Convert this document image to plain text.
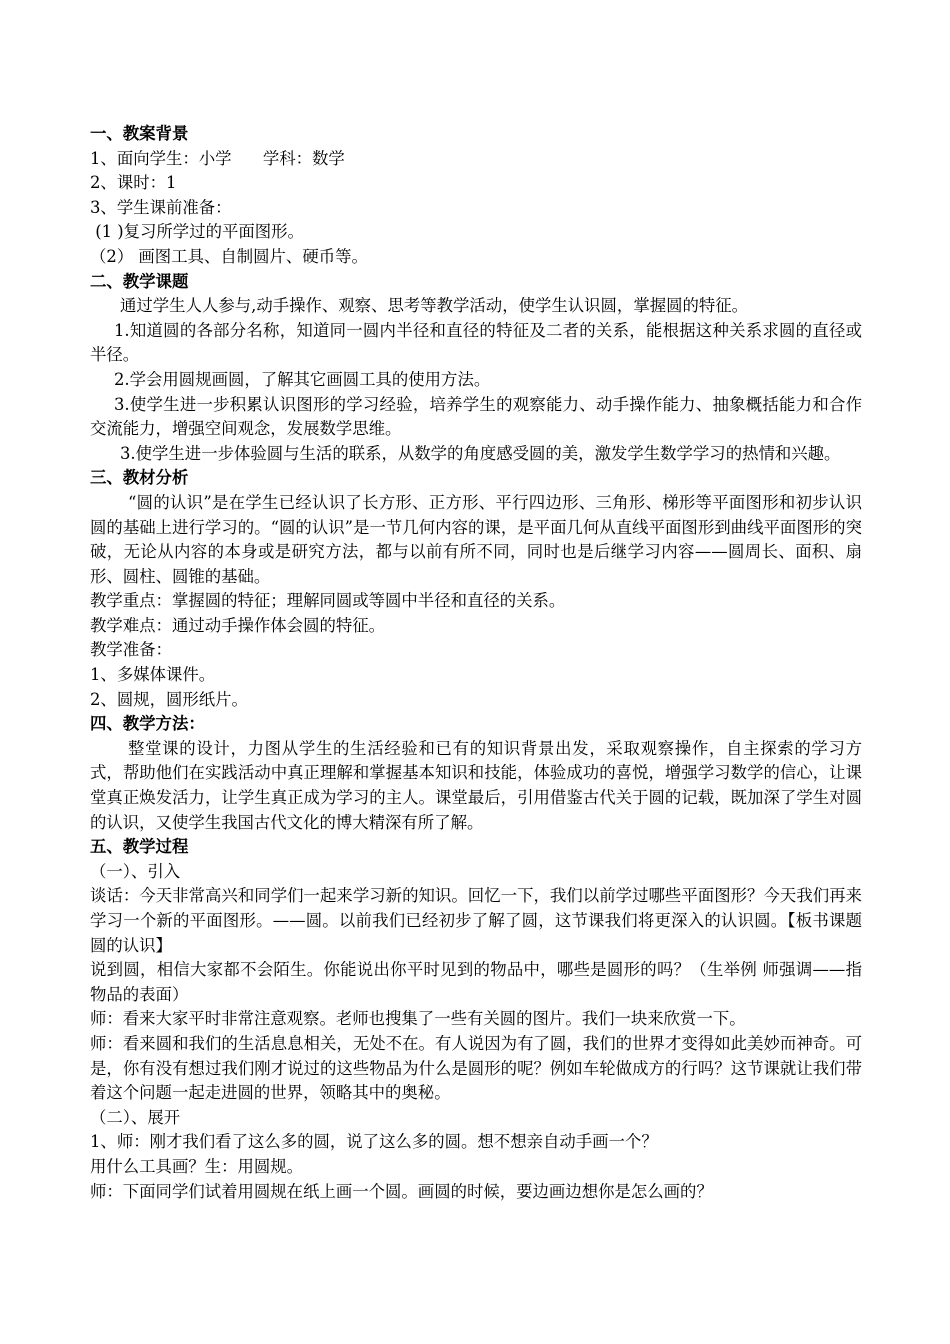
一、教案背景
1、面向学生：小学      学科：数学
2、课时：1
3、学生课前准备：
(1 )复习所学过的平面图形。
（2） 画图工具、自制圆片、硬币等。
二、教学课题
通过学生人人参与,动手操作、观察、思考等教学活动，使学生认识圆，掌握圆的特征。
1.知道圆的各部分名称，知道同一圆内半径和直径的特征及二者的关系，能根据这种关系求圆的直径或半径。
2.学会用圆规画圆，了解其它画圆工具的使用方法。
3.使学生进一步积累认识图形的学习经验，培养学生的观察能力、动手操作能力、抽象概括能力和合作交流能力，增强空间观念，发展数学思维。
3.使学生进一步体验圆与生活的联系，从数学的角度感受圆的美，激发学生数学学习的热情和兴趣。
三、教材分析
“圆的认识”是在学生已经认识了长方形、正方形、平行四边形、三角形、梯形等平面图形和初步认识圆的基础上进行学习的。“圆的认识”是一节几何内容的课，是平面几何从直线平面图形到曲线平面图形的突破，无论从内容的本身或是研究方法，都与以前有所不同，同时也是后继学习内容——圆周长、面积、扇形、圆柱、圆锥的基础。
教学重点：掌握圆的特征；理解同圆或等圆中半径和直径的关系。
教学难点：通过动手操作体会圆的特征。
教学准备：
1、多媒体课件。
2、圆规，圆形纸片。
四、教学方法：
整堂课的设计，力图从学生的生活经验和已有的知识背景出发，采取观察操作，自主探索的学习方式，帮助他们在实践活动中真正理解和掌握基本知识和技能，体验成功的喜悦，增强学习数学的信心，让课堂真正焕发活力，让学生真正成为学习的主人。课堂最后，引用借鉴古代关于圆的记载，既加深了学生对圆的认识，又使学生我国古代文化的博大精深有所了解。
五、教学过程
（一）、引入
谈话：今天非常高兴和同学们一起来学习新的知识。回忆一下，我们以前学过哪些平面图形？今天我们再来学习一个新的平面图形。——圆。以前我们已经初步了解了圆，这节课我们将更深入的认识圆。【板书课题圆的认识】
说到圆，相信大家都不会陌生。你能说出你平时见到的物品中，哪些是圆形的吗？（生举例 师强调——指物品的表面）
师：看来大家平时非常注意观察。老师也搜集了一些有关圆的图片。我们一块来欣赏一下。
师：看来圆和我们的生活息息相关，无处不在。有人说因为有了圆，我们的世界才变得如此美妙而神奇。可是，你有没有想过我们刚才说过的这些物品为什么是圆形的呢？例如车轮做成方的行吗？这节课就让我们带着这个问题一起走进圆的世界，领略其中的奥秘。
（二）、展开
1、师：刚才我们看了这么多的圆，说了这么多的圆。想不想亲自动手画一个？
用什么工具画？生：用圆规。
师：下面同学们试着用圆规在纸上画一个圆。画圆的时候，要边画边想你是怎么画的？
